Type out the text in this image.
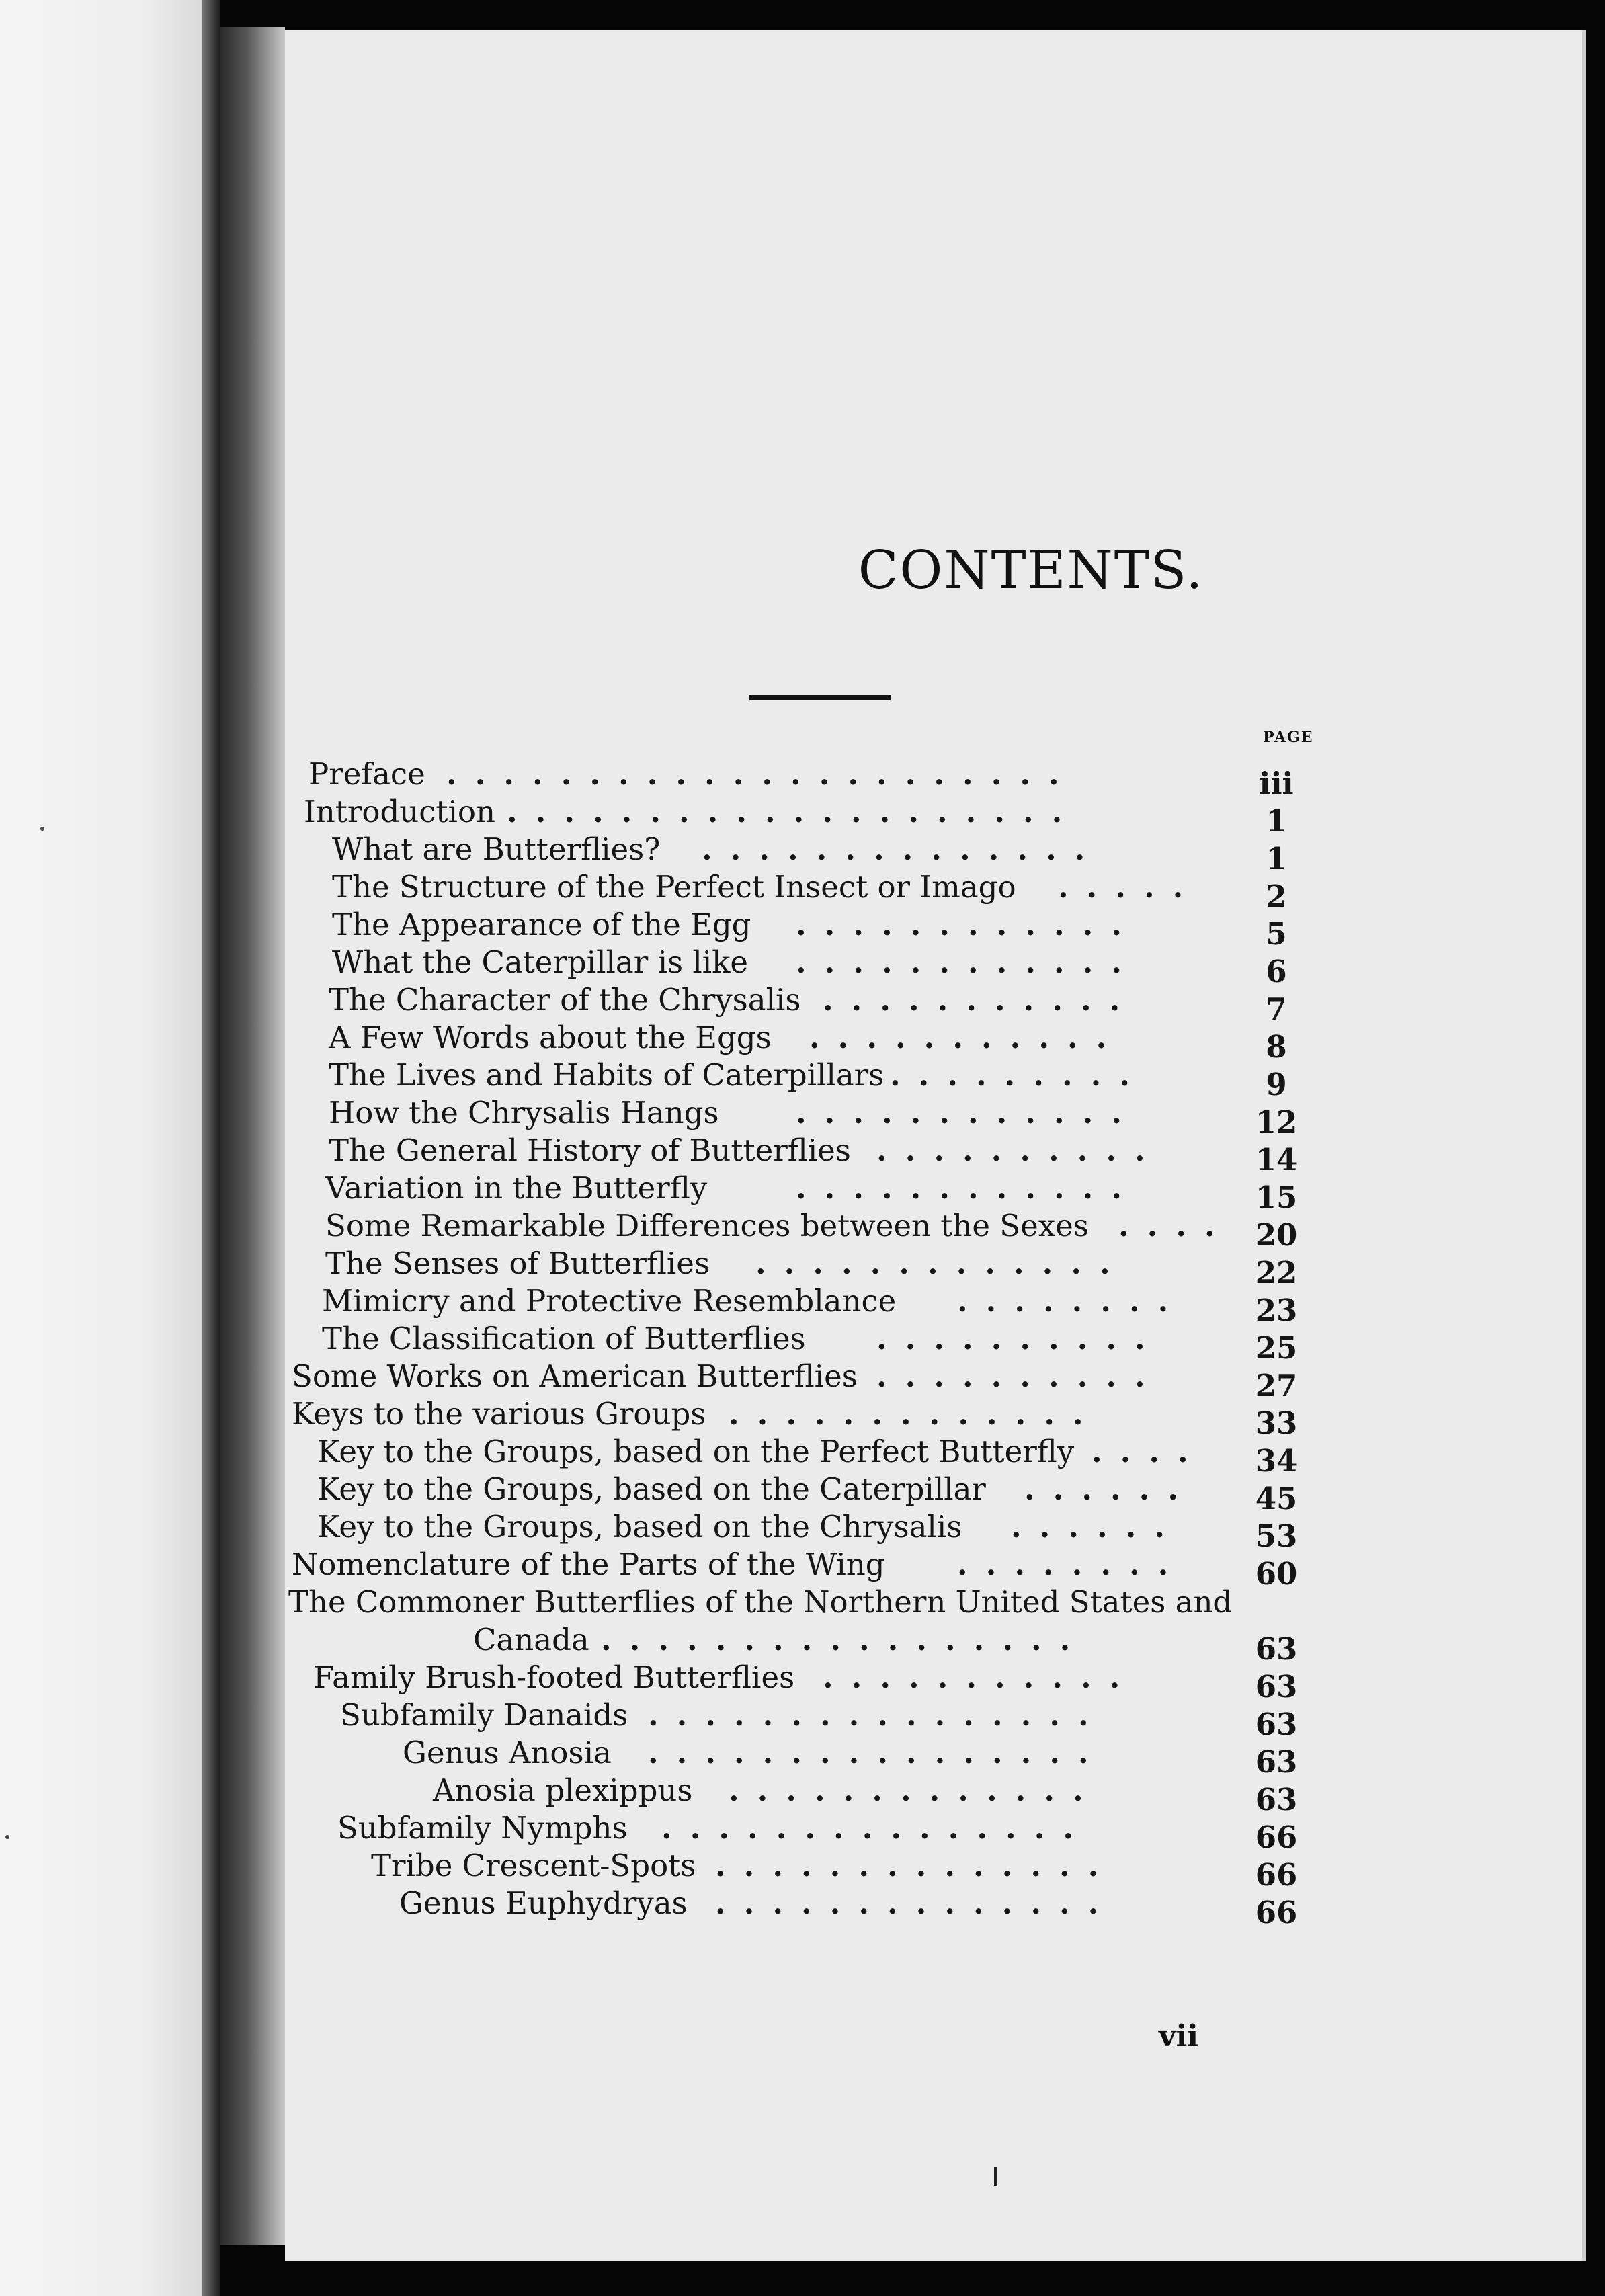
CONTENTS.
PAGE
Preface ......................	iii
Introduction ....................	1
What are Butterflies? ..............	1
The Structure of the Perfect Insect or Imago .....	2
The Appearance of the Egg ............	5
What the Caterpillar is like ............	6
The Character of the Chrysalis ...........	7
A Few Words about the Eggs ...........	8
The Lives and Habits of Caterpillars .........	9
How the Chrysalis Hangs	............	12
The General History of Butterflies ..........	14
Variation in the Butterfly	............	15
Some Remarkable Differences between the Sexes .... 20
The Senses of Butterflies .............	22
Mimicry and Protective Resemblance ........	23
The Classification of Butterflies ..........	25
Some Works on American Butterflies ..........	27
Keys to the various Groups .............	33
Key to the Groups, based on the Perfect Butterfly ....	34
Key to the Groups, based on the Caterpillar ......	45
Key to the Groups, based on the Chrysalis ......	53
Nomenclature of the Parts of the Wing ........	60
The Commoner Butterflies of the Northern United States and
Canada .................	63
Family Brush-footed Butterflies ...........	63
Subfamily Danaids ................	63
Genus Anosia ................	63
Anosia plexippus .............	63
Subfamily Nymphs ...............	66
Tribe Crescent-Spots ..............	66
Genus Euphydryas ..............	66
vii
